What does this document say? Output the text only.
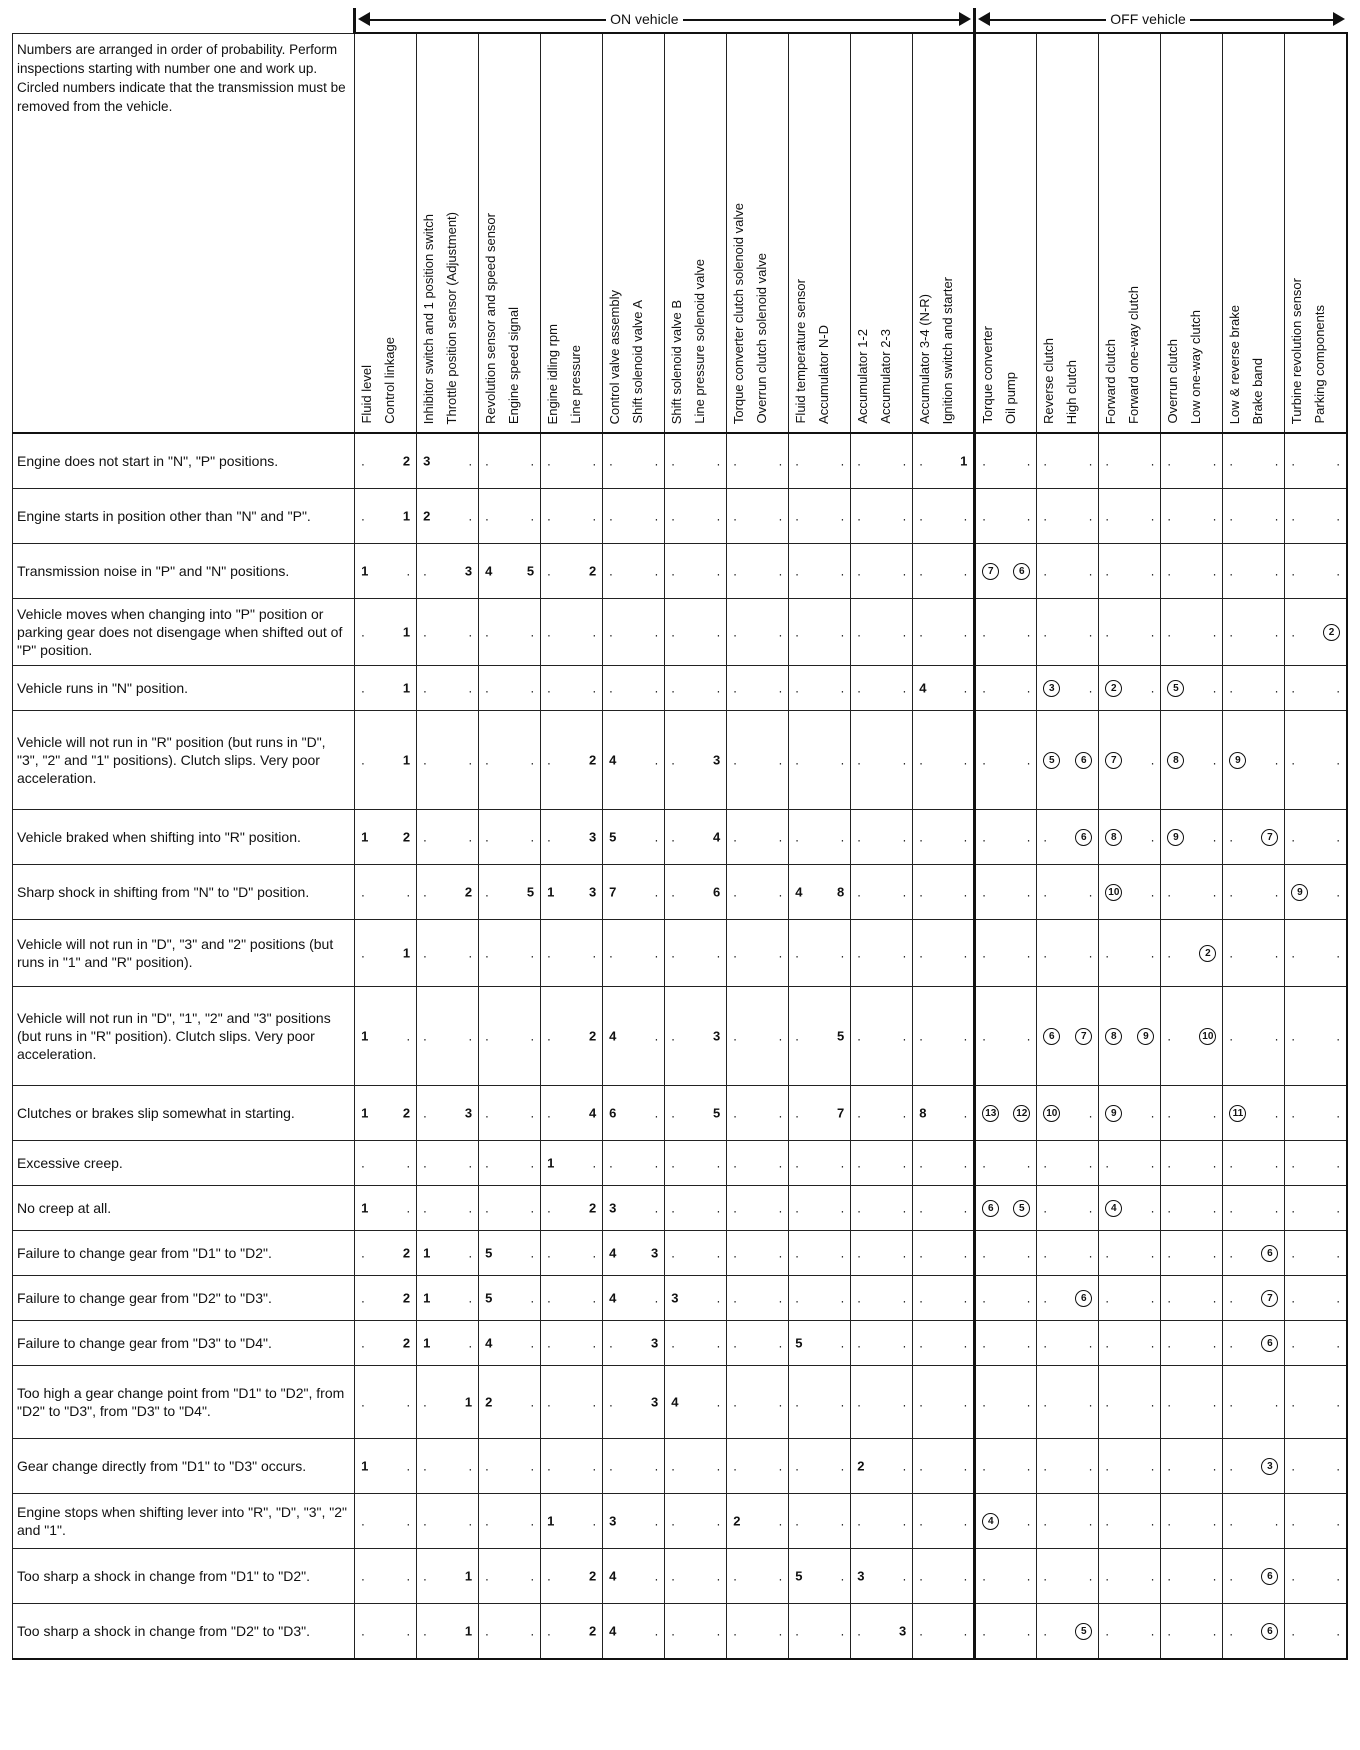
	ON vehicle										OFF vehicle					

Numbers are arranged in order of probability. Perform inspections starting with number one and work up. Circled numbers indicate that the transmission must be removed from the vehicle.	Fluid level Control linkage	Inhibitor switch and 1 position switch Throttle position sensor (Adjustment)	Revolution sensor and speed sensor Engine speed signal	Engine idling rpm Line pressure	Control valve assembly Shift solenoid valve A	Shift solenoid valve B Line pressure solenoid valve	Torque converter clutch solenoid valve Overrun clutch solenoid valve	Fluid temperature sensor Accumulator N-D	Accumulator 1-2 Accumulator 2-3	Accumulator 3-4 (N-R) Ignition switch and starter	Torque converter Oil pump	Reverse clutch High clutch	Forward clutch Forward one-way clutch	Overrun clutch Low one-way clutch	Low & reverse brake Brake band	Turbine revolution sensor Parking components

Engine does not start in "N", "P" positions.	. 2	3 .	. .	. .	. .	. .	. .	. .	. .	. 1	. .	. .	. .	. .	. .	. .

Engine starts in position other than "N" and "P".	. 1	2 .	. .	. .	. .	. .	. .	. .	. .	. .	. .	. .	. .	. .	. .	. .

Transmission noise in "P" and "N" positions.	1 .	. 3	4 5	. 2	. .	. .	. .	. .	. .	. .	7 6	. .	. .	. .	. .	. .

Vehicle moves when changing into "P" position or parking gear does not disengage when shifted out of "P" position.	. 1	. .	. .	. .	. .	. .	. .	. .	. .	. .	. .	. .	. .	. .	. .	. 2

Vehicle runs in "N" position.	. 1	. .	. .	. .	. .	. .	. .	. .	. .	4 .	. .	3 .	2 .	5 .	. .	. .

Vehicle will not run in "R" position (but runs in "D", "3", "2" and "1" positions). Clutch slips. Very poor acceleration.	. 1	. .	. .	. 2	4 .	. 3	. .	. .	. .	. .	. .	5 6	7 .	8 .	9 .	. .

Vehicle braked when shifting into "R" position.	1 2	. .	. .	. 3	5 .	. 4	. .	. .	. .	. .	. .	. 6	8 .	9 .	. 7	. .

Sharp shock in shifting from "N" to "D" position.	. .	. 2	. 5	1 3	7 .	. 6	. .	4 8	. .	. .	. .	. .	10 .	. .	. .	9 .

Vehicle will not run in "D", "3" and "2" positions (but runs in "1" and "R" position).	. 1	. .	. .	. .	. .	. .	. .	. .	. .	. .	. .	. .	. .	. 2	. .	. .

Vehicle will not run in "D", "1", "2" and "3" positions (but runs in "R" position). Clutch slips. Very poor acceleration.	1 .	. .	. .	. 2	4 .	. 3	. .	. 5	. .	. .	. .	6 7	8 9	. 10	. .	. .

Clutches or brakes slip somewhat in starting.	1 2	. 3	. .	. 4	6 .	. 5	. .	. 7	. .	8 .	13 12	10 .	9 .	. .	11 .	. .

Excessive creep.	. .	. .	. .	1 .	. .	. .	. .	. .	. .	. .	. .	. .	. .	. .	. .	. .

No creep at all.	1 .	. .	. .	. 2	3 .	. .	. .	. .	. .	. .	6 5	. .	4 .	. .	. .	. .

Failure to change gear from "D1" to "D2".	. 2	1 .	5 .	. .	4 3	. .	. .	. .	. .	. .	. .	. .	. .	. .	. 6	. .

Failure to change gear from "D2" to "D3".	. 2	1 .	5 .	. .	4 .	3 .	. .	. .	. .	. .	. .	. 6	. .	. .	. 7	. .

Failure to change gear from "D3" to "D4".	. 2	1 .	4 .	. .	. 3	. .	. .	5 .	. .	. .	. .	. .	. .	. .	. 6	. .

Too high a gear change point from "D1" to "D2", from "D2" to "D3", from "D3" to "D4".	. .	. 1	2 .	. .	. 3	4 .	. .	. .	. .	. .	. .	. .	. .	. .	. .	. .

Gear change directly from "D1" to "D3" occurs.	1 .	. .	. .	. .	. .	. .	. .	. .	2 .	. .	. .	. .	. .	. .	. 3	. .

Engine stops when shifting lever into "R", "D", "3", "2" and "1".	. .	. .	. .	1 .	3 .	. .	2 .	. .	. .	. .	4 .	. .	. .	. .	. .	. .

Too sharp a shock in change from "D1" to "D2".	. .	. 1	. .	. 2	4 .	. .	. .	5 .	3 .	. .	. .	. .	. .	. .	. 6	. .

Too sharp a shock in change from "D2" to "D3".	. .	. 1	. .	. 2	4 .	. .	. .	. .	. 3	. .	. .	. 5	. .	. .	. 6	. .
